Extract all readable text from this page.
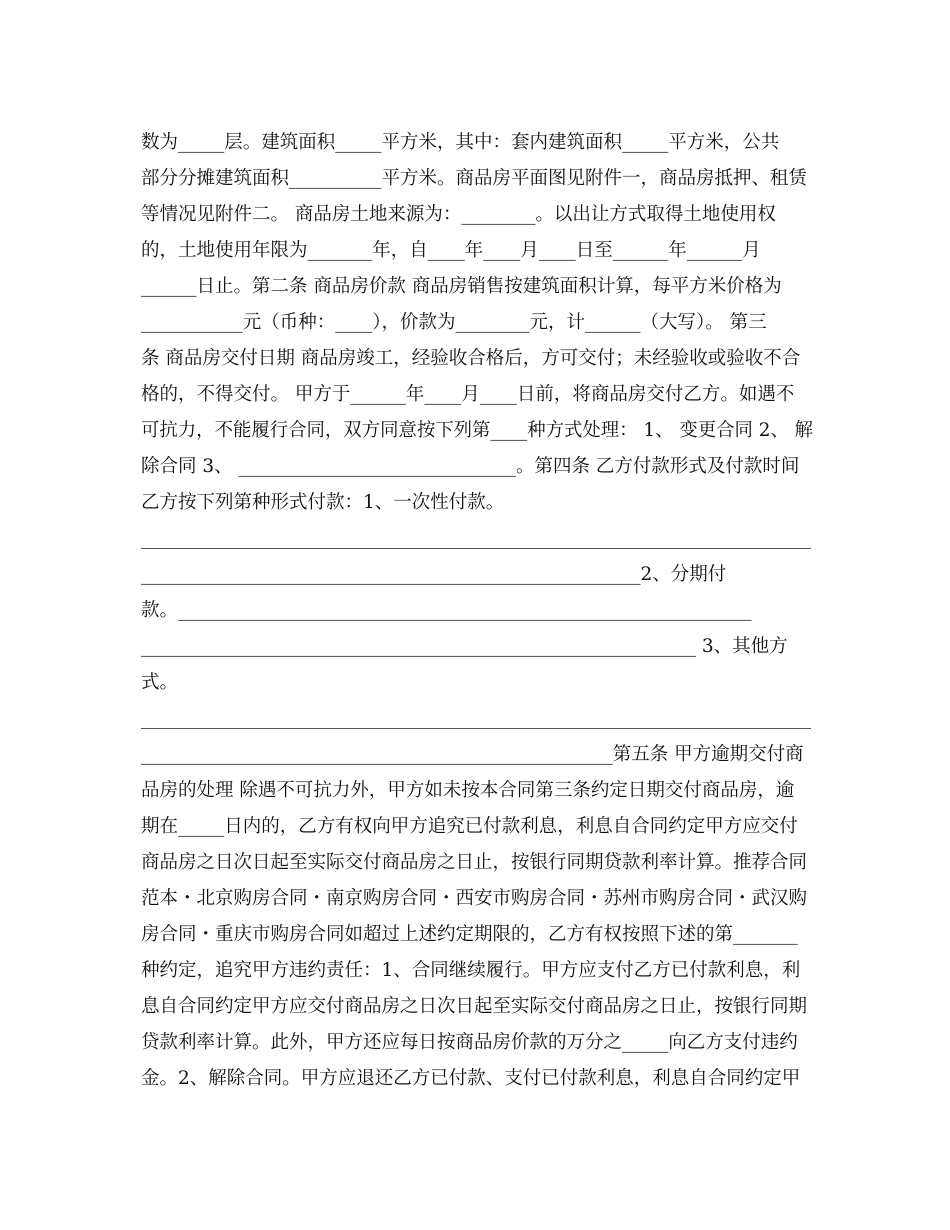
数为_____层。建筑面积_____平方米，其中：套内建筑面积_____平方米，公共
部分分摊建筑面积__________平方米。商品房平面图见附件一，商品房抵押、租赁
等情况见附件二。 商品房土地来源为：________。以出让方式取得土地使用权
的，土地使用年限为_______年，自____年____月____日至______年______月
______日止。第二条 商品房价款 商品房销售按建筑面积计算，每平方米价格为
___________元（币种：____），价款为________元，计______（大写）。 第三
条 商品房交付日期 商品房竣工，经验收合格后，方可交付；未经验收或验收不合
格的，不得交付。 甲方于______年____月____日前，将商品房交付乙方。如遇不
可抗力，不能履行合同，双方同意按下列第____种方式处理： 1、 变更合同 2、 解
除合同 3、 ______________________________。第四条 乙方付款形式及付款时间
乙方按下列第种形式付款：1、一次性付款。
______________________________________________________2、分期付
款。______________________________________________________________
____________________________________________________________ 3、其他方
式。
___________________________________________________第五条 甲方逾期交付商
品房的处理 除遇不可抗力外，甲方如未按本合同第三条约定日期交付商品房，逾
期在_____日内的，乙方有权向甲方追究已付款利息，利息自合同约定甲方应交付
商品房之日次日起至实际交付商品房之日止，按银行同期贷款利率计算。推荐合同
范本・北京购房合同・南京购房合同・西安市购房合同・苏州市购房合同・武汉购
房合同・重庆市购房合同如超过上述约定期限的，乙方有权按照下述的第_______
种约定，追究甲方违约责任：1、合同继续履行。甲方应支付乙方已付款利息，利
息自合同约定甲方应交付商品房之日次日起至实际交付商品房之日止，按银行同期
贷款利率计算。此外，甲方还应每日按商品房价款的万分之_____向乙方支付违约
金。2、解除合同。甲方应退还乙方已付款、支付已付款利息，利息自合同约定甲
